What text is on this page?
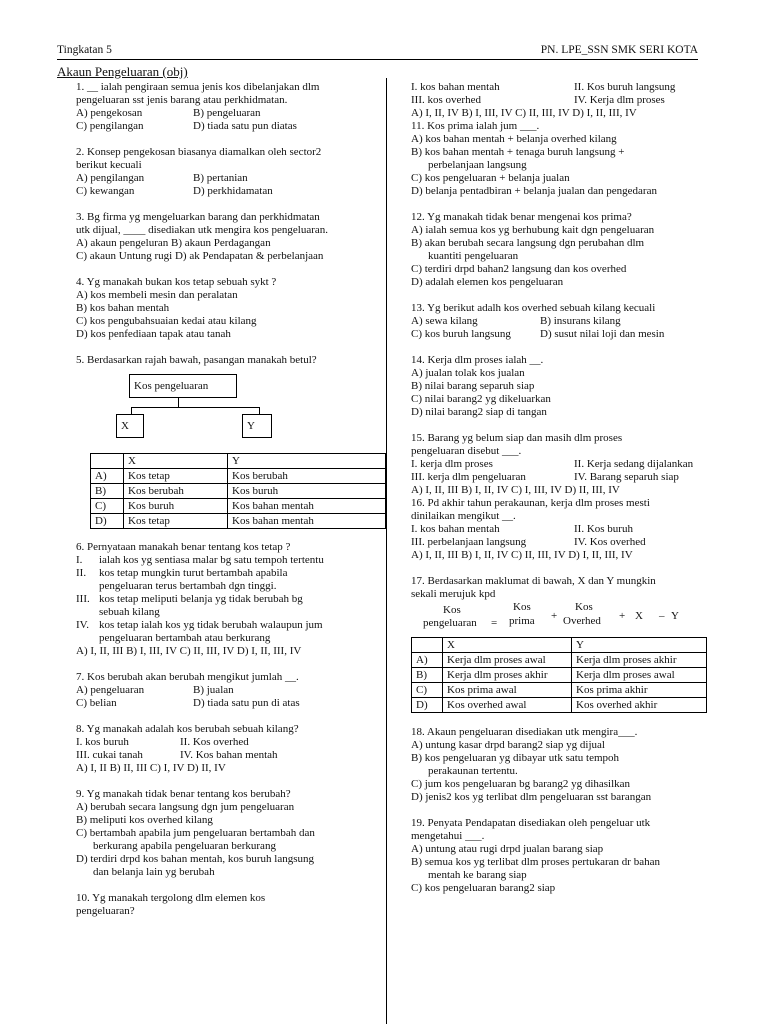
Tingkatan 5	PN. LPE_SSN SMK SERI KOTA
Akaun Pengeluaran (obj)
1. __ ialah pengiraan semua jenis kos dibelanjakan dlm
pengeluaran sst jenis barang atau perkhidmatan.
A) pengekosan	B) pengeluaran
C) pengilangan	D) tiada satu pun diatas
2. Konsep pengekosan biasanya diamalkan oleh sector2
berikut kecuali
A) pengilangan	B) pertanian
C) kewangan	D) perkhidamatan
3. Bg firma yg mengeluarkan barang dan perkhidmatan
utk dijual, ____ disediakan utk mengira kos pengeluaran.
A) akaun pengeluran B) akaun Perdagangan
C) akaun Untung rugi D) ak Pendapatan & perbelanjaan
4. Yg manakah bukan kos tetap sebuah sykt ?
A) kos membeli mesin dan peralatan
B) kos bahan mentah
C) kos pengubahsuaian kedai atau kilang
D) kos penfediaan tapak atau tanah
5. Berdasarkan rajah bawah, pasangan manakah betul?
Kos pengeluaran
X	Y
	X	Y
A)	Kos tetap	Kos berubah
B)	Kos berubah	Kos buruh
C)	Kos buruh	Kos bahan mentah
D)	Kos tetap	Kos bahan mentah
6. Pernyataan manakah benar tentang kos tetap ?
I.	ialah kos yg sentiasa malar bg satu tempoh tertentu
II.	kos tetap mungkin turut bertambah apabila
pengeluaran terus bertambah dgn tinggi.
III. kos tetap meliputi belanja yg tidak berubah bg
sebuah kilang
IV. kos tetap ialah kos yg tidak berubah walaupun jum
pengeluaran bertambah atau berkurang
A) I, II, III B) I, III, IV C) II, III, IV D) I, II, III, IV
7. Kos berubah akan berubah mengikut jumlah __.
A) pengeluaran	B) jualan
C) belian	D) tiada satu pun di atas
8. Yg manakah adalah kos berubah sebuah kilang?
I. kos buruh	II. Kos overhed
III. cukai tanah	IV. Kos bahan mentah
A) I, II B) II, III C) I, IV D) II, IV
9. Yg manakah tidak benar tentang kos berubah?
A) berubah secara langsung dgn jum pengeluaran
B) meliputi kos overhed kilang
C) bertambah apabila jum pengeluaran bertambah dan
berkurang apabila pengeluaran berkurang
D) terdiri drpd kos bahan mentah, kos buruh langsung
dan belanja lain yg berubah
10. Yg manakah tergolong dlm elemen kos
pengeluaran?
I. kos bahan mentah	II. Kos buruh langsung
III. kos overhed	IV. Kerja dlm proses
A) I, II, IV B) I, III, IV C) II, III, IV D) I, II, III, IV
11. Kos prima ialah jum ___.
A) kos bahan mentah + belanja overhed kilang
B) kos bahan mentah + tenaga buruh langsung +
perbelanjaan langsung
C) kos pengeluaran + belanja jualan
D) belanja pentadbiran + belanja jualan dan pengedaran
12. Yg manakah tidak benar mengenai kos prima?
A) ialah semua kos yg berhubung kait dgn pengeluaran
B) akan berubah secara langsung dgn perubahan dlm
kuantiti pengeluaran
C) terdiri drpd bahan2 langsung dan kos overhed
D) adalah elemen kos pengeluaran
13. Yg berikut adalh kos overhed sebuah kilang kecuali
A) sewa kilang	B) insurans kilang
C) kos buruh langsung	D) susut nilai loji dan mesin
14. Kerja dlm proses ialah __.
A) jualan tolak kos jualan
B) nilai barang separuh siap
C) nilai barang2 yg dikeluarkan
D) nilai barang2 siap di tangan
15. Barang yg belum siap dan masih dlm proses
pengeluaran disebut ___.
I. kerja dlm proses	II. Kerja sedang dijalankan
III. kerja dlm pengeluaran	IV. Barang separuh siap
A) I, II, III B) I, II, IV C) I, III, IV D) II, III, IV
16. Pd akhir tahun perakaunan, kerja dlm proses mesti
dinilaikan mengikut __.
I. kos bahan mentah	II. Kos buruh
III. perbelanjaan langsung	IV. Kos overhed
A) I, II, III B) I, II, IV C) II, III, IV D) I, II, III, IV
17. Berdasarkan maklumat di bawah, X dan Y mungkin
sekali merujuk kpd
Kos
pengeluaran =
Kos
prima +
Kos
Overhed + X – Y
	X	Y
A)	Kerja dlm proses awal	Kerja dlm proses akhir
B)	Kerja dlm proses akhir	Kerja dlm proses awal
C)	Kos prima awal	Kos prima akhir
D)	Kos overhed awal	Kos overhed akhir
18. Akaun pengeluaran disediakan utk mengira___.
A) untung kasar drpd barang2 siap yg dijual
B) kos pengeluaran yg dibayar utk satu tempoh
perakaunan tertentu.
C) jum kos pengeluaran bg barang2 yg dihasilkan
D) jenis2 kos yg terlibat dlm pengeluaran sst barangan
19. Penyata Pendapatan disediakan oleh pengeluar utk
mengetahui ___.
A) untung atau rugi drpd jualan barang siap
B) semua kos yg terlibat dlm proses pertukaran dr bahan
mentah ke barang siap
C) kos pengeluaran barang2 siap
